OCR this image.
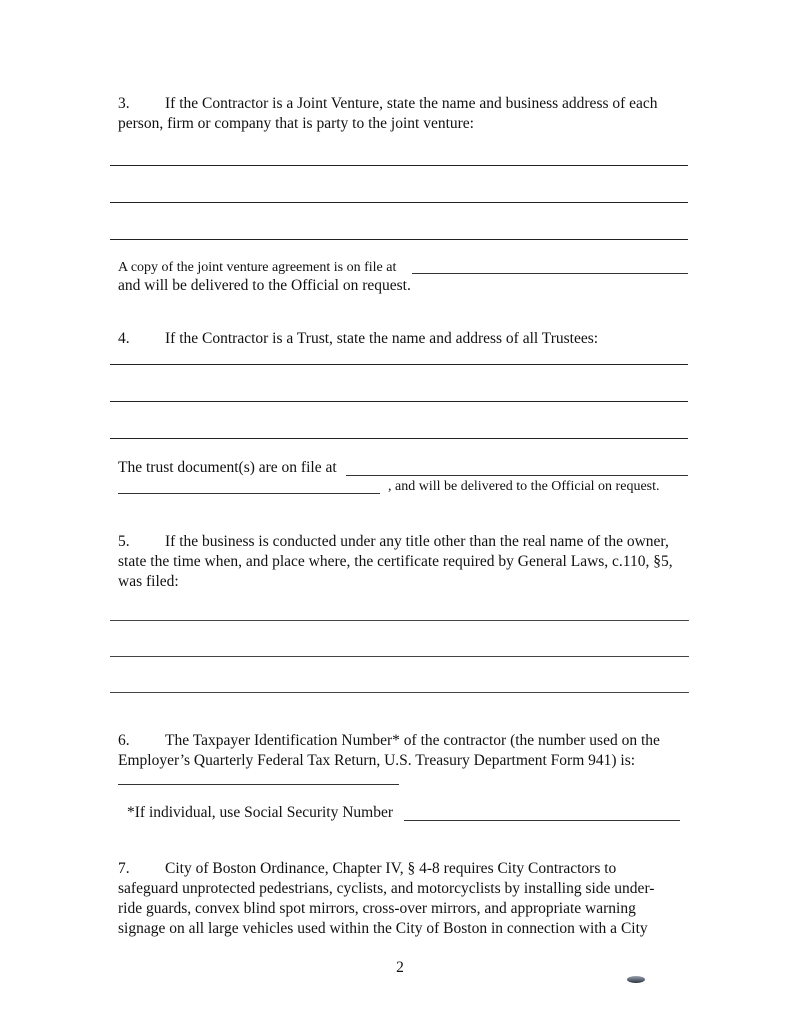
3. If the Contractor is a Joint Venture, state the name and business address of each
person, firm or company that is party to the joint venture:
A copy of the joint venture agreement is on file at
and will be delivered to the Official on request.
4. If the Contractor is a Trust, state the name and address of all Trustees:
The trust document(s) are on file at
, and will be delivered to the Official on request.
5. If the business is conducted under any title other than the real name of the owner,
state the time when, and place where, the certificate required by General Laws, c.110, §5,
was filed:
6. The Taxpayer Identification Number* of the contractor (the number used on the
Employer’s Quarterly Federal Tax Return, U.S. Treasury Department Form 941) is:
*If individual, use Social Security Number
7. City of Boston Ordinance, Chapter IV, § 4-8 requires City Contractors to
safeguard unprotected pedestrians, cyclists, and motorcyclists by installing side under-
ride guards, convex blind spot mirrors, cross-over mirrors, and appropriate warning
signage on all large vehicles used within the City of Boston in connection with a City
2
